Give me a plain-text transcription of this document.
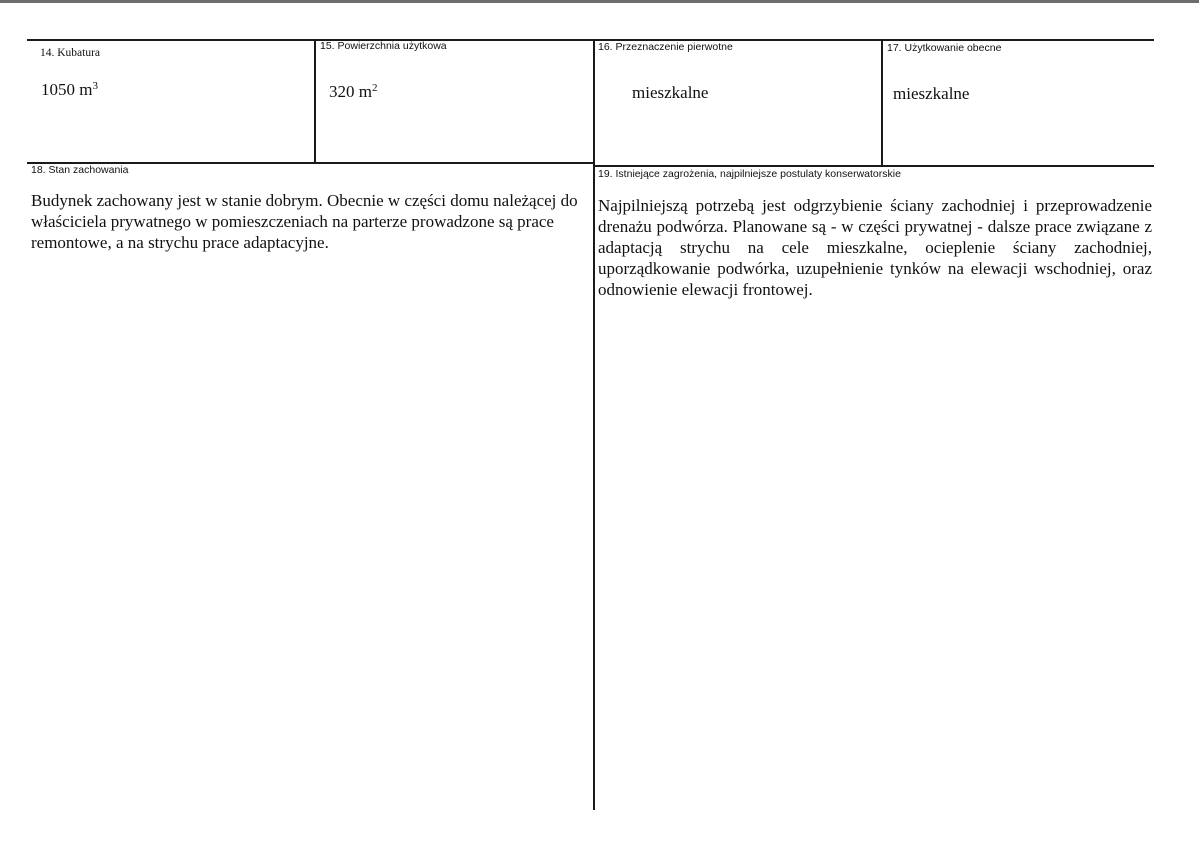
14. Kubatura
1050 $m^3$
15. Powierzchnia użytkowa
320 $m^2$
16. Przeznaczenie pierwotne
mieszkalne
17. Użytkowanie obecne
mieszkalne
18. Stan zachowania
Budynek zachowany jest w stanie dobrym. Obecnie w części domu należącej do właściciela prywatnego w pomieszczeniach na parterze prowadzone są prace remontowe, a na strychu prace adaptacyjne.
19. Istniejące zagrożenia, najpilniejsze postulaty konserwatorskie
Najpilniejszą potrzebą jest odgrzybienie ściany zachodniej i przeprowadzenie drenażu podwórza. Planowane są - w części prywatnej - dalsze prace związane z adaptacją strychu na cele mieszkalne, ocieplenie ściany zachodniej, uporządkowanie podwórka, uzupełnienie tynków na elewacji wschodniej, oraz odnowienie elewacji frontowej.
